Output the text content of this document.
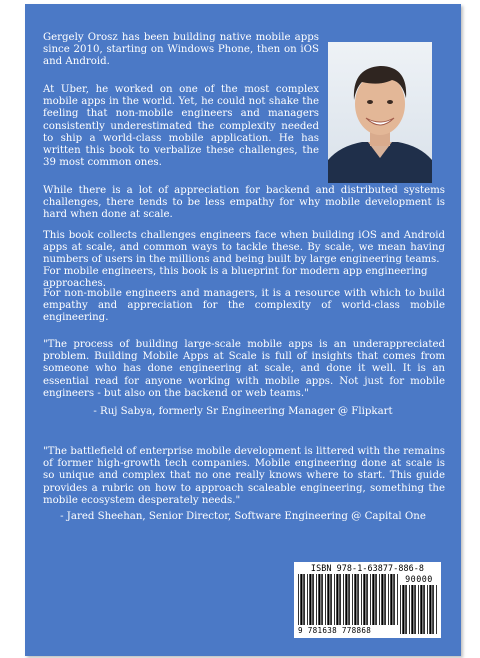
Gergely Orosz has been building native mobile apps since 2010, starting on Windows Phone, then on iOS and Android.

At Uber, he worked on one of the most complex mobile apps in the world. Yet, he could not shake the feeling that non-mobile engineers and managers consistently underestimated the complexity needed to ship a world-class mobile application. He has written this book to verbalize these challenges, the 39 most common ones.

While there is a lot of appreciation for backend and distributed systems challenges, there tends to be less empathy for why mobile development is hard when done at scale.

This book collects challenges engineers face when building iOS and Android apps at scale, and common ways to tackle these. By scale, we mean having numbers of users in the millions and being built by large engineering teams.

For mobile engineers, this book is a blueprint for modern app engineering approaches.

For non-mobile engineers and managers, it is a resource with which to build empathy and appreciation for the complexity of world-class mobile engineering.

"The process of building large-scale mobile apps is an underappreciated problem. Building Mobile Apps at Scale is full of insights that comes from someone who has done engineering at scale, and done it well. It is an essential read for anyone working with mobile apps. Not just for mobile engineers - but also on the backend or web teams."

- Ruj Sabya, formerly Sr Engineering Manager @ Flipkart

"The battlefield of enterprise mobile development is littered with the remains of former high-growth tech companies. Mobile engineering done at scale is so unique and complex that no one really knows where to start. This guide provides a rubric on how to approach scaleable engineering, something the mobile ecosystem desperately needs."

- Jared Sheehan, Senior Director, Software Engineering @ Capital One

ISBN 978-1-63877-886-8
90000
9 781638 778868
